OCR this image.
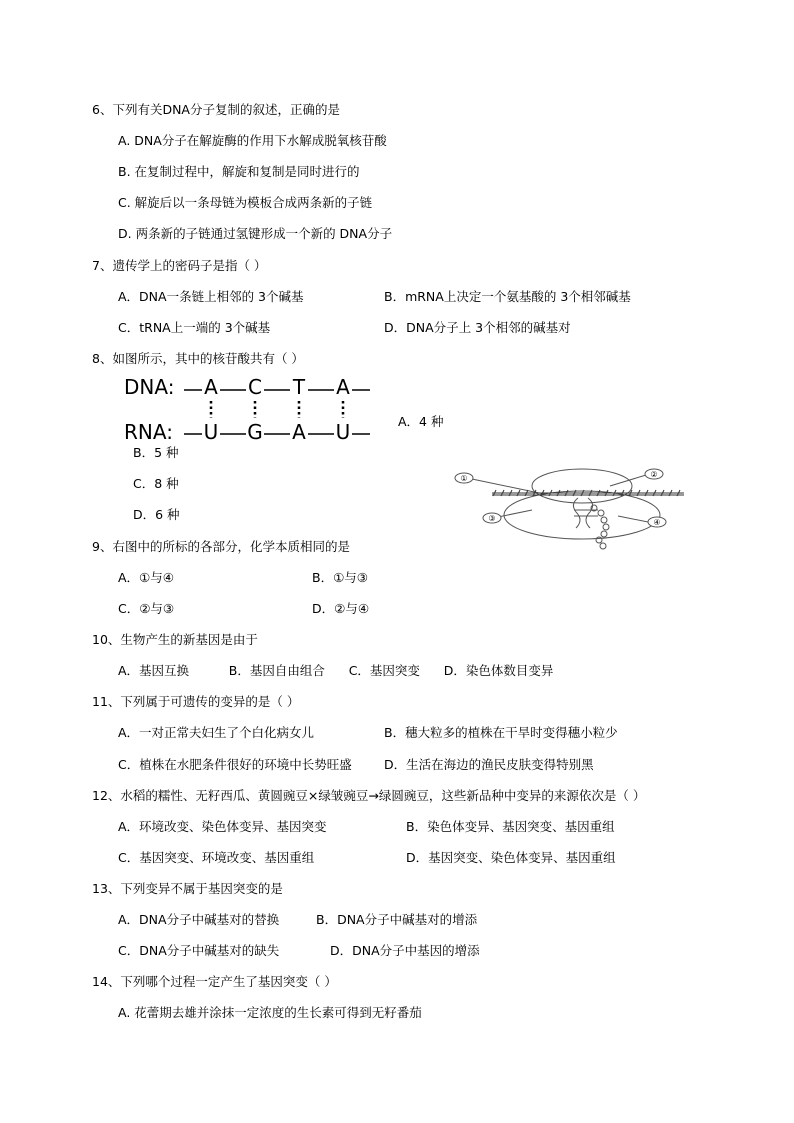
6、下列有关DNA分子复制的叙述，正确的是
A. DNA分子在解旋酶的作用下水解成脱氧核苷酸
B. 在复制过程中，解旋和复制是同时进行的
C. 解旋后以一条母链为模板合成两条新的子链
D. 两条新的子链通过氢键形成一个新的 DNA分子
7、遗传学上的密码子是指（ ）
A．DNA一条链上相邻的 3个碱基	B．mRNA上决定一个氨基酸的 3个相邻碱基
C．tRNA上一端的 3个碱基	D．DNA分子上 3个相邻的碱基对
8、如图所示，其中的核苷酸共有（ ）
DNA:
RNA:
A C T A
U G A U	A．4 种
B．5 种
C．8 种
D．6 种
①	②
③	④
9、右图中的所标的各部分，化学本质相同的是
A．①与④	B．①与③
C．②与③	D．②与④
10、生物产生的新基因是由于
A．基因互换          B．基因自由组合      C．基因突变      D．染色体数目变异
11、下列属于可遗传的变异的是（ ）
A．一对正常夫妇生了个白化病女儿	B．穗大粒多的植株在干旱时变得穗小粒少
C．植株在水肥条件很好的环境中长势旺盛	D．生活在海边的渔民皮肤变得特别黑
12、水稻的糯性、无籽西瓜、黄圆豌豆×绿皱豌豆→绿圆豌豆，这些新品种中变异的来源依次是（ ）
A．环境改变、染色体变异、基因突变	B．染色体变异、基因突变、基因重组
C．基因突变、环境改变、基因重组	D．基因突变、染色体变异、基因重组
13、下列变异不属于基因突变的是
A．DNA分子中碱基对的替换	B．DNA分子中碱基对的增添
C．DNA分子中碱基对的缺失	D．DNA分子中基因的增添
14、下列哪个过程一定产生了基因突变（ ）
A. 花蕾期去雄并涂抹一定浓度的生长素可得到无籽番茄
